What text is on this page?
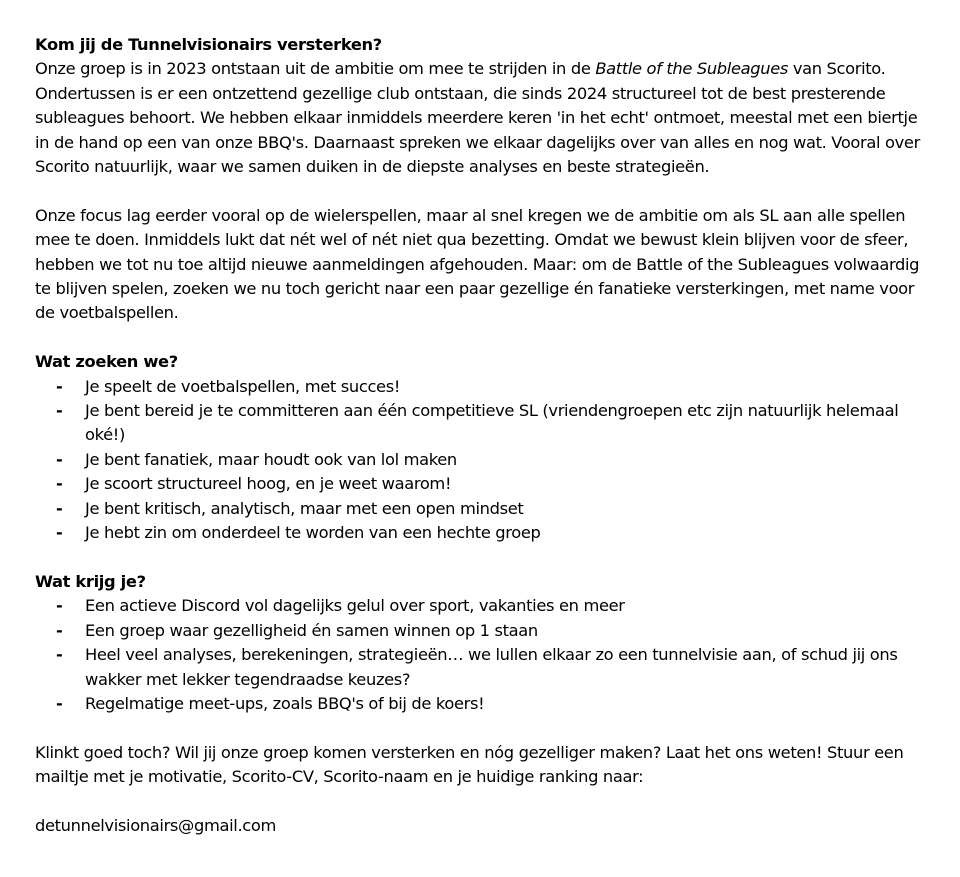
Kom jij de Tunnelvisionairs versterken?

Onze groep is in 2023 ontstaan uit de ambitie om mee te strijden in de Battle of the Subleagues van Scorito. Ondertussen is er een ontzettend gezellige club ontstaan, die sinds 2024 structureel tot de best presterende subleagues behoort. We hebben elkaar inmiddels meerdere keren 'in het echt' ontmoet, meestal met een biertje in de hand op een van onze BBQ's. Daarnaast spreken we elkaar dagelijks over van alles en nog wat. Vooral over Scorito natuurlijk, waar we samen duiken in de diepste analyses en beste strategieën.

Onze focus lag eerder vooral op de wielerspellen, maar al snel kregen we de ambitie om als SL aan alle spellen mee te doen. Inmiddels lukt dat nét wel of nét niet qua bezetting. Omdat we bewust klein blijven voor de sfeer, hebben we tot nu toe altijd nieuwe aanmeldingen afgehouden. Maar: om de Battle of the Subleagues volwaardig te blijven spelen, zoeken we nu toch gericht naar een paar gezellige én fanatieke versterkingen, met name voor de voetbalspellen.

Wat zoeken we?

- Je speelt de voetbalspellen, met succes!
- Je bent bereid je te committeren aan één competitieve SL (vriendengroepen etc zijn natuurlijk helemaal oké!)
- Je bent fanatiek, maar houdt ook van lol maken
- Je scoort structureel hoog, en je weet waarom!
- Je bent kritisch, analytisch, maar met een open mindset
- Je hebt zin om onderdeel te worden van een hechte groep

Wat krijg je?

- Een actieve Discord vol dagelijks gelul over sport, vakanties en meer
- Een groep waar gezelligheid én samen winnen op 1 staan
- Heel veel analyses, berekeningen, strategieën… we lullen elkaar zo een tunnelvisie aan, of schud jij ons wakker met lekker tegendraadse keuzes?
- Regelmatige meet-ups, zoals BBQ's of bij de koers!

Klinkt goed toch? Wil jij onze groep komen versterken en nóg gezelliger maken? Laat het ons weten! Stuur een mailtje met je motivatie, Scorito-CV, Scorito-naam en je huidige ranking naar:

detunnelvisionairs@gmail.com
